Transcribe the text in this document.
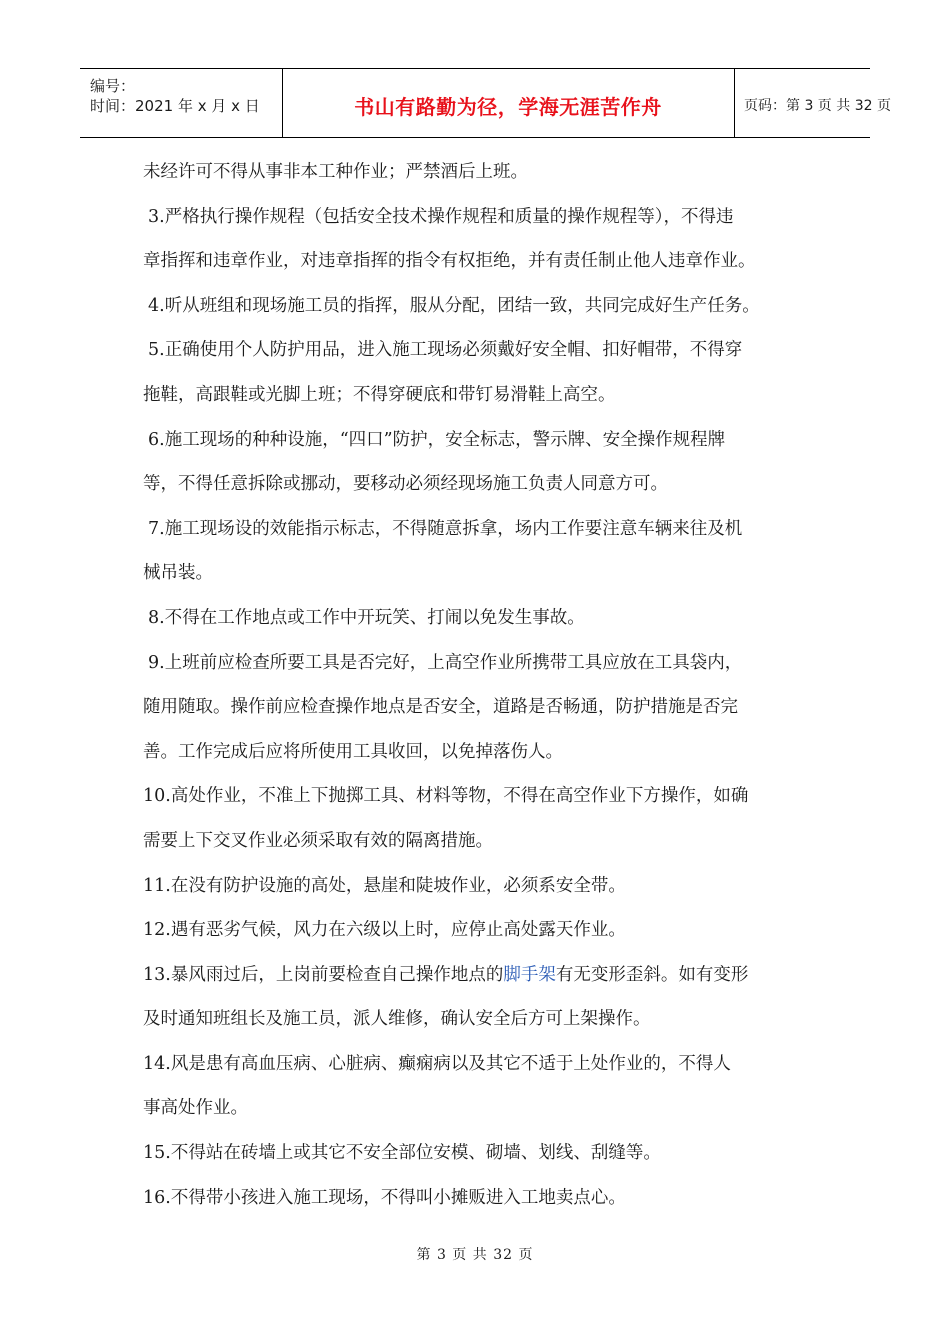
编号：
时间：2021 年 x 月 x 日	书山有路勤为径，学海无涯苦作舟	页码：第 3 页 共 32 页
未经许可不得从事非本工种作业；严禁酒后上班。
3.严格执行操作规程（包括安全技术操作规程和质量的操作规程等），不得违
章指挥和违章作业，对违章指挥的指令有权拒绝，并有责任制止他人违章作业。
4.听从班组和现场施工员的指挥，服从分配，团结一致，共同完成好生产任务。
5.正确使用个人防护用品，进入施工现场必须戴好安全帽、扣好帽带，不得穿
拖鞋，高跟鞋或光脚上班；不得穿硬底和带钉易滑鞋上高空。
6.施工现场的种种设施，“四口”防护，安全标志，警示牌、安全操作规程牌
等，不得任意拆除或挪动，要移动必须经现场施工负责人同意方可。
7.施工现场设的效能指示标志，不得随意拆拿，场内工作要注意车辆来往及机
械吊装。
8.不得在工作地点或工作中开玩笑、打闹以免发生事故。
9.上班前应检查所要工具是否完好，上高空作业所携带工具应放在工具袋内，
随用随取。操作前应检查操作地点是否安全，道路是否畅通，防护措施是否完
善。工作完成后应将所使用工具收回，以免掉落伤人。
10.高处作业，不准上下抛掷工具、材料等物，不得在高空作业下方操作，如确
需要上下交叉作业必须采取有效的隔离措施。
11.在没有防护设施的高处，悬崖和陡坡作业，必须系安全带。
12.遇有恶劣气候，风力在六级以上时，应停止高处露天作业。
13.暴风雨过后，上岗前要检查自己操作地点的脚手架有无变形歪斜。如有变形
及时通知班组长及施工员，派人维修，确认安全后方可上架操作。
14.风是患有高血压病、心脏病、癫痫病以及其它不适于上处作业的，不得人
事高处作业。
15.不得站在砖墙上或其它不安全部位安模、砌墙、划线、刮缝等。
16.不得带小孩进入施工现场，不得叫小摊贩进入工地卖点心。
第 3 页 共 32 页
